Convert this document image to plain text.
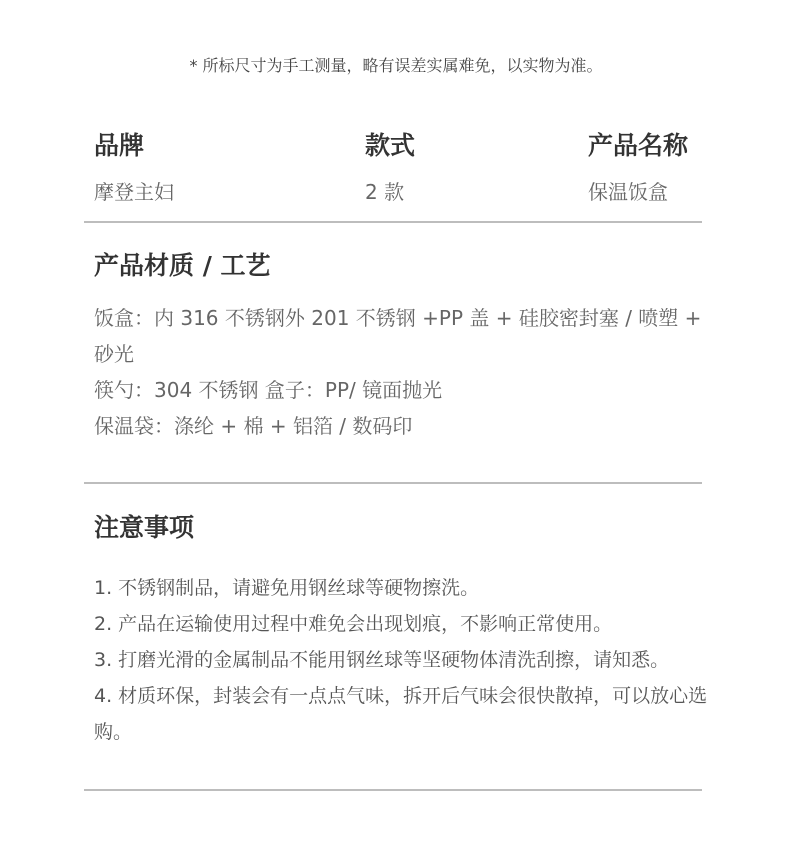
* 所标尺寸为手工测量，略有误差实属难免，以实物为准。
品牌
摩登主妇
款式
2 款
产品名称
保温饭盒
产品材质 / 工艺
饭盒：内 316 不锈钢外 201 不锈钢 +PP 盖 + 硅胶密封塞 / 喷塑 + 砂光
筷勺：304 不锈钢 盒子：PP/ 镜面抛光
保温袋：涤纶 + 棉 + 铝箔 / 数码印
注意事项
1. 不锈钢制品，请避免用钢丝球等硬物擦洗。
2. 产品在运输使用过程中难免会出现划痕，不影响正常使用。
3. 打磨光滑的金属制品不能用钢丝球等坚硬物体清洗刮擦，请知悉。
4. 材质环保，封装会有一点点气味，拆开后气味会很快散掉，可以放心选购。
